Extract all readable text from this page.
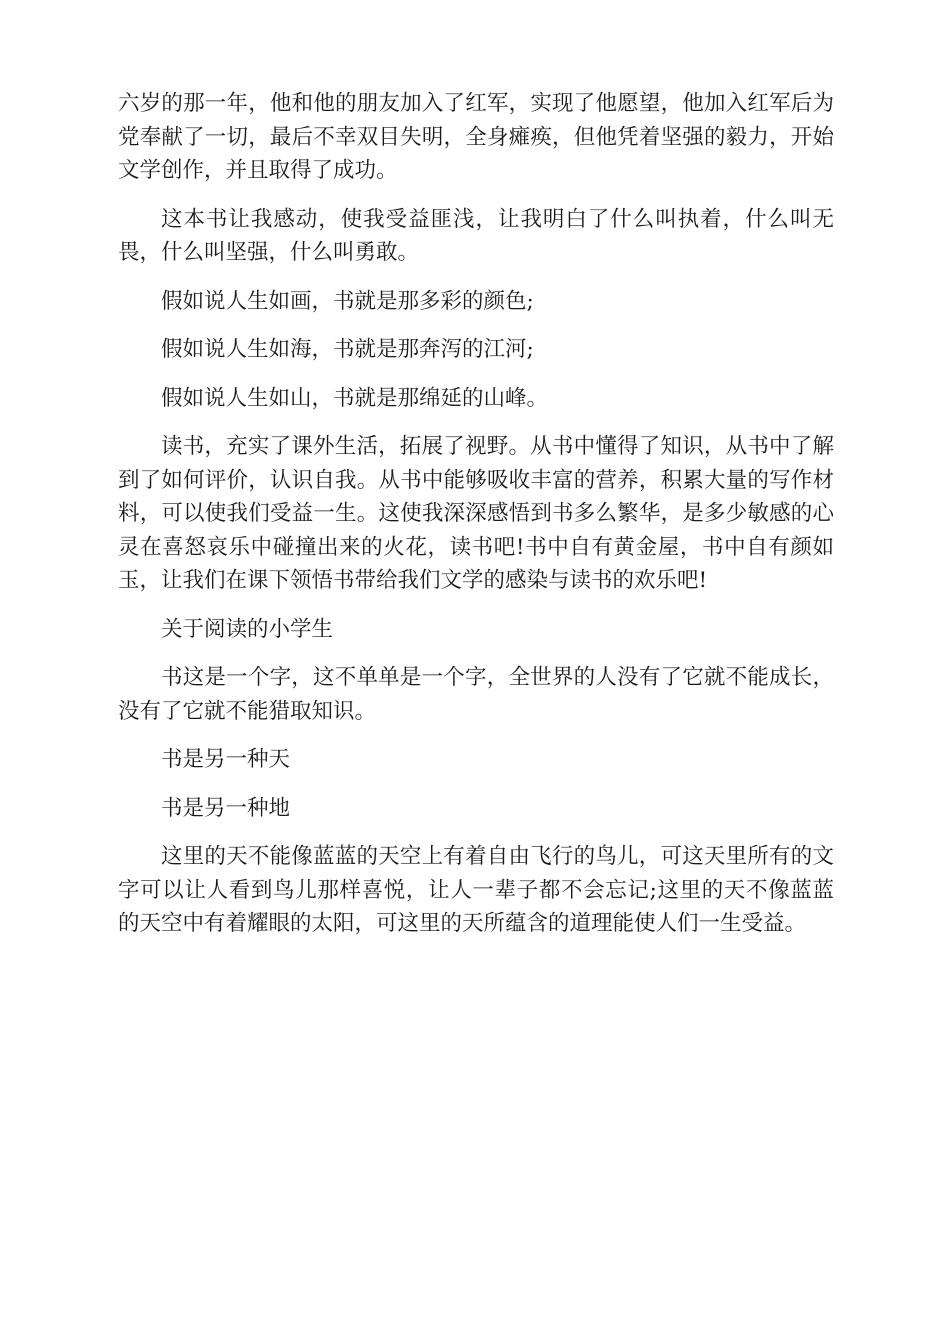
六岁的那一年，他和他的朋友加入了红军，实现了他愿望，他加入红军后为党奉献了一切，最后不幸双目失明，全身瘫痪，但他凭着坚强的毅力，开始文学创作，并且取得了成功。

这本书让我感动，使我受益匪浅，让我明白了什么叫执着，什么叫无畏，什么叫坚强，什么叫勇敢。

假如说人生如画，书就是那多彩的颜色;

假如说人生如海，书就是那奔泻的江河;

假如说人生如山，书就是那绵延的山峰。

读书，充实了课外生活，拓展了视野。从书中懂得了知识，从书中了解到了如何评价，认识自我。从书中能够吸收丰富的营养，积累大量的写作材料，可以使我们受益一生。这使我深深感悟到书多么繁华，是多少敏感的心灵在喜怒哀乐中碰撞出来的火花，读书吧!书中自有黄金屋，书中自有颜如玉，让我们在课下领悟书带给我们文学的感染与读书的欢乐吧!

关于阅读的小学生

书这是一个字，这不单单是一个字，全世界的人没有了它就不能成长，没有了它就不能猎取知识。

书是另一种天

书是另一种地

这里的天不能像蓝蓝的天空上有着自由飞行的鸟儿，可这天里所有的文字可以让人看到鸟儿那样喜悦，让人一辈子都不会忘记;这里的天不像蓝蓝的天空中有着耀眼的太阳，可这里的天所蕴含的道理能使人们一生受益。
